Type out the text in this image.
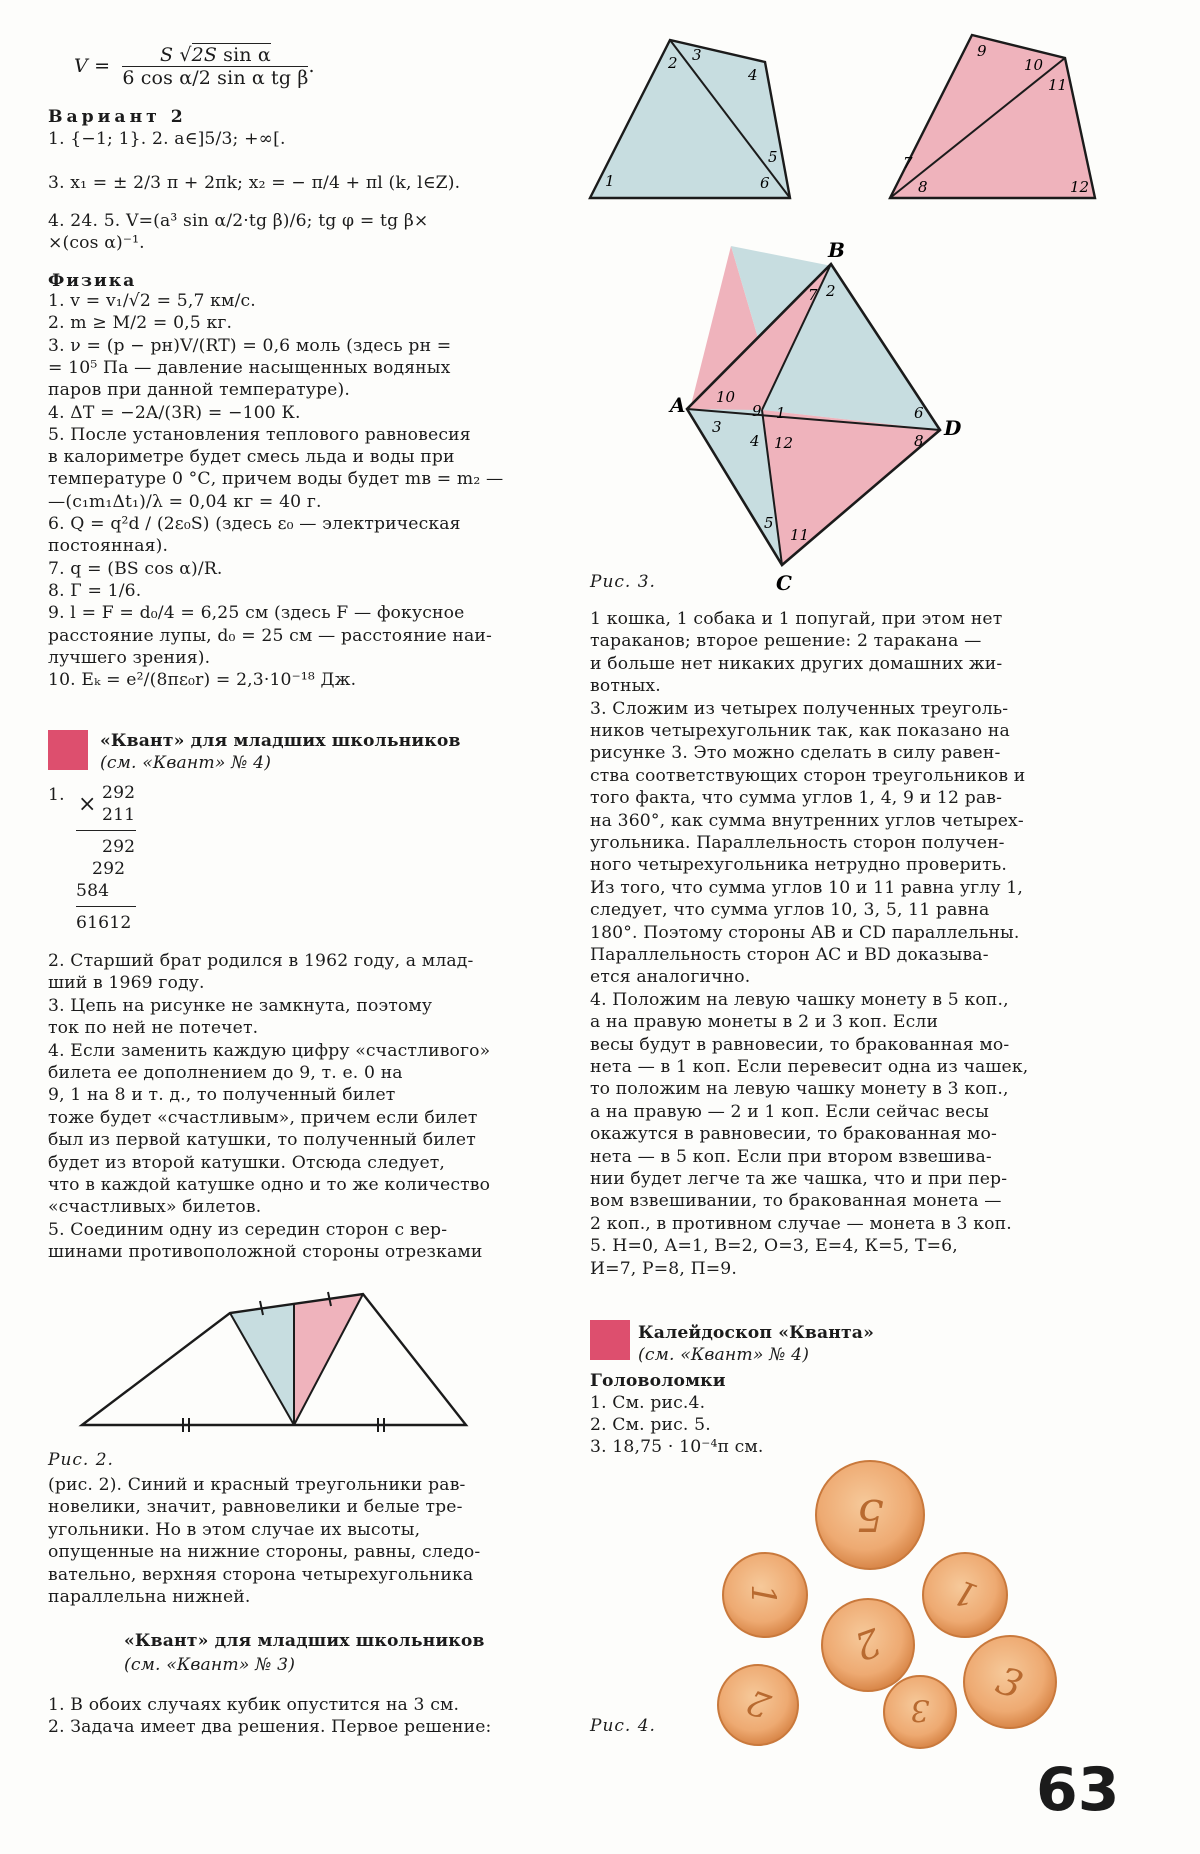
$V = \frac{\text{S √2S sin α}}{\text{6 cos α/2 sin α tg β}}$ .
Вариант 2
1. {−1; 1}. 2. a∈]5/3; +∞[.
3. x₁ = ± 2/3 π + 2πk; x₂ = − π/4 + πl (k, l∈Z).
4. 24. 5. V=(a³ sin α/2·tg β)/6; tg φ = tg β×
×(cos α)⁻¹.
Физика
1. v = v₁/√2 = 5,7 км/с.
2. m ≥ M/2 = 0,5 кг.
3. ν = (p − pн)V/(RT) = 0,6 моль (здесь pн =
= 10⁵ Па — давление насыщенных водяных
паров при данной температуре).
4. ΔT = −2A/(3R) = −100 К.
5. После установления теплового равновесия
в калориметре будет смесь льда и воды при
температуре 0 °С, причем воды будет mв = m₂ —
—(c₁m₁Δt₁)/λ = 0,04 кг = 40 г.
6. Q = q²d / (2ε₀S) (здесь ε₀ — электрическая
постоянная).
7. q = (BS cos α)/R.
8. Г = 1/6.
9. l = F = d₀/4 = 6,25 см (здесь F — фокусное
расстояние лупы, d₀ = 25 см — расстояние наи-
лучшего зрения).
10. Eₖ = e²/(8πε₀r) = 2,3·10⁻¹⁸ Дж.
«Квант» для младших школьников
(см. «Квант» № 4)
1. × 292
211
292
292
584
61612
2. Старший брат родился в 1962 году, а млад-
ший в 1969 году.
3. Цепь на рисунке не замкнута, поэтому
ток по ней не потечет.
4. Если заменить каждую цифру «счастливого»
билета ее дополнением до 9, т. е. 0 на
9, 1 на 8 и т. д., то полученный билет
тоже будет «счастливым», причем если билет
был из первой катушки, то полученный билет
будет из второй катушки. Отсюда следует,
что в каждой катушке одно и то же количество
«счастливых» билетов.
5. Соединим одну из середин сторон с вер-
шинами противоположной стороны отрезками
Рис. 2.
(рис. 2). Синий и красный треугольники рав-
новелики, значит, равновелики и белые тре-
угольники. Но в этом случае их высоты,
опущенные на нижние стороны, равны, следо-
вательно, верхняя сторона четырехугольника
параллельна нижней.
«Квант» для младших школьников
(см. «Квант» № 3)
1. В обоих случаях кубик опустится на 3 см.
2. Задача имеет два решения. Первое решение:
1
2 3
4
5
6
9
10
11
7
8	12
B
A
C
D
7 2
10
9 1	6
3
4 12	8
5
11
Рис. 3.
1 кошка, 1 собака и 1 попугай, при этом нет
тараканов; второе решение: 2 таракана —
и больше нет никаких других домашних жи-
вотных.
3. Сложим из четырех полученных треуголь-
ников четырехугольник так, как показано на
рисунке 3. Это можно сделать в силу равен-
ства соответствующих сторон треугольников и
того факта, что сумма углов 1, 4, 9 и 12 рав-
на 360°, как сумма внутренних углов четырех-
угольника. Параллельность сторон получен-
ного четырехугольника нетрудно проверить.
Из того, что сумма углов 10 и 11 равна углу 1,
следует, что сумма углов 10, 3, 5, 11 равна
180°. Поэтому стороны AB и CD параллельны.
Параллельность сторон AC и BD доказыва-
ется аналогично.
4. Положим на левую чашку монету в 5 коп.,
а на правую монеты в 2 и 3 коп. Если
весы будут в равновесии, то бракованная мо-
нета — в 1 коп. Если перевесит одна из чашек,
то положим на левую чашку монету в 3 коп.,
а на правую — 2 и 1 коп. Если сейчас весы
окажутся в равновесии, то бракованная мо-
нета — в 5 коп. Если при втором взвешива-
нии будет легче та же чашка, что и при пер-
вом взвешивании, то бракованная монета —
2 коп., в противном случае — монета в 3 коп.
5. Н=0, А=1, В=2, О=3, Е=4, К=5, Т=6,
И=7, Р=8, П=9.
Калейдоскоп «Кванта»
(см. «Квант» № 4)
Головоломки
1. См. рис.4.
2. См. рис. 5.
3. 18,75 · 10⁻⁴π см.
5
1	1
2
3
2	3
Рис. 4.
63
